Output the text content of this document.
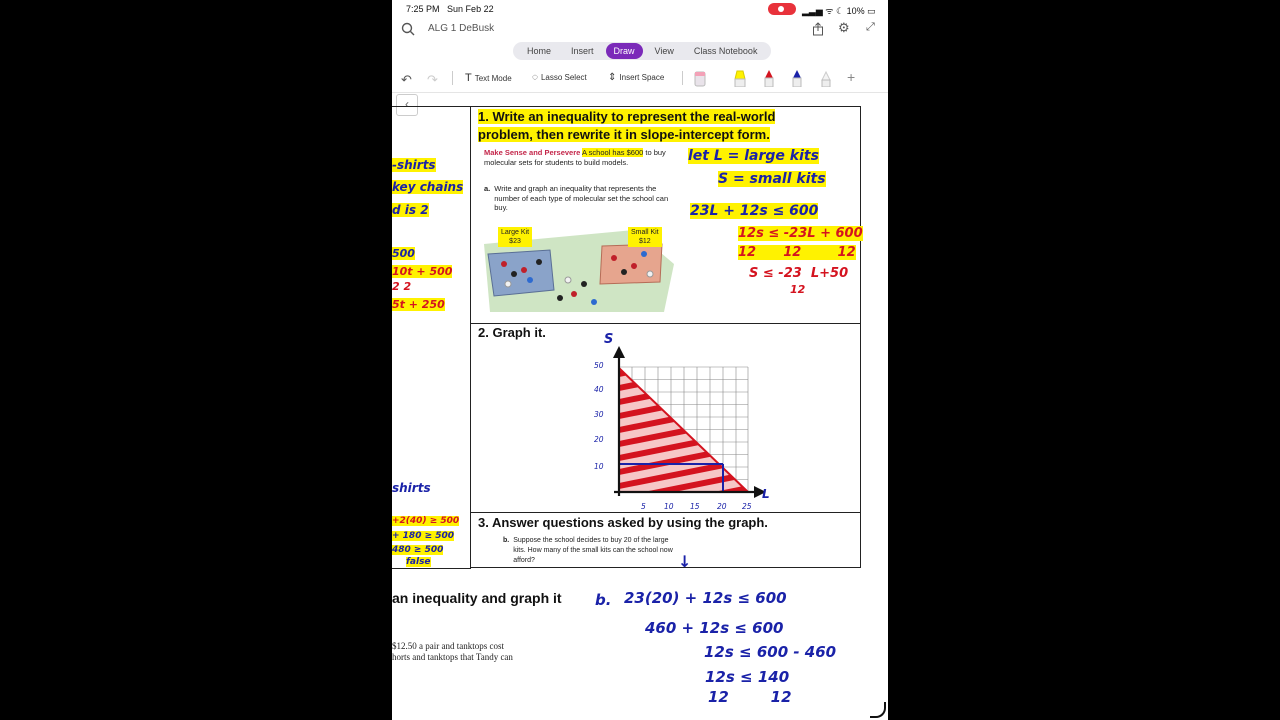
7:25 PM Sun Feb 22	▂▃▅ ᯤ ☾ 10% ▭
ALG 1 DeBusk	⚙ ⤢
Home	Insert	Draw	View	Class Notebook
↶ ↷ T Text Mode ◌ Lasso Select ⇕ Insert Space	+
‹
-shirts
key chains
d is 2
500
10t + 500
2 2
5t + 250
shirts
+2(40) ≥ 500
+ 180 ≥ 500
480 ≥ 500
false
1. Write an inequality to represent the real-world
problem, then rewrite it in slope-intercept form.
Make Sense and Persevere A school has $600 to buy molecular sets for students to build models.
a. Write and graph an inequality that represents the number of each type of molecular set the school can buy.
Large Kit
$23
Small Kit
$12
let L = large kits
S = small kits
23L + 12s ≤ 600
12s ≤ -23L + 600
12      12        12
S ≤ -23  L+50
12
2. Graph it.	S
L
50
40
30
20
10
5 10 15 20 25
3. Answer questions asked by using the graph.
b. Suppose the school decides to buy 20 of the large kits. How many of the small kits can the school now afford?	↓
an inequality and graph it
$12.50 a pair and tanktops cost
horts and tanktops that Tandy can
b. 23(20) + 12s ≤ 600
460 + 12s ≤ 600
12s ≤ 600 - 460
12s ≤ 140
12        12
